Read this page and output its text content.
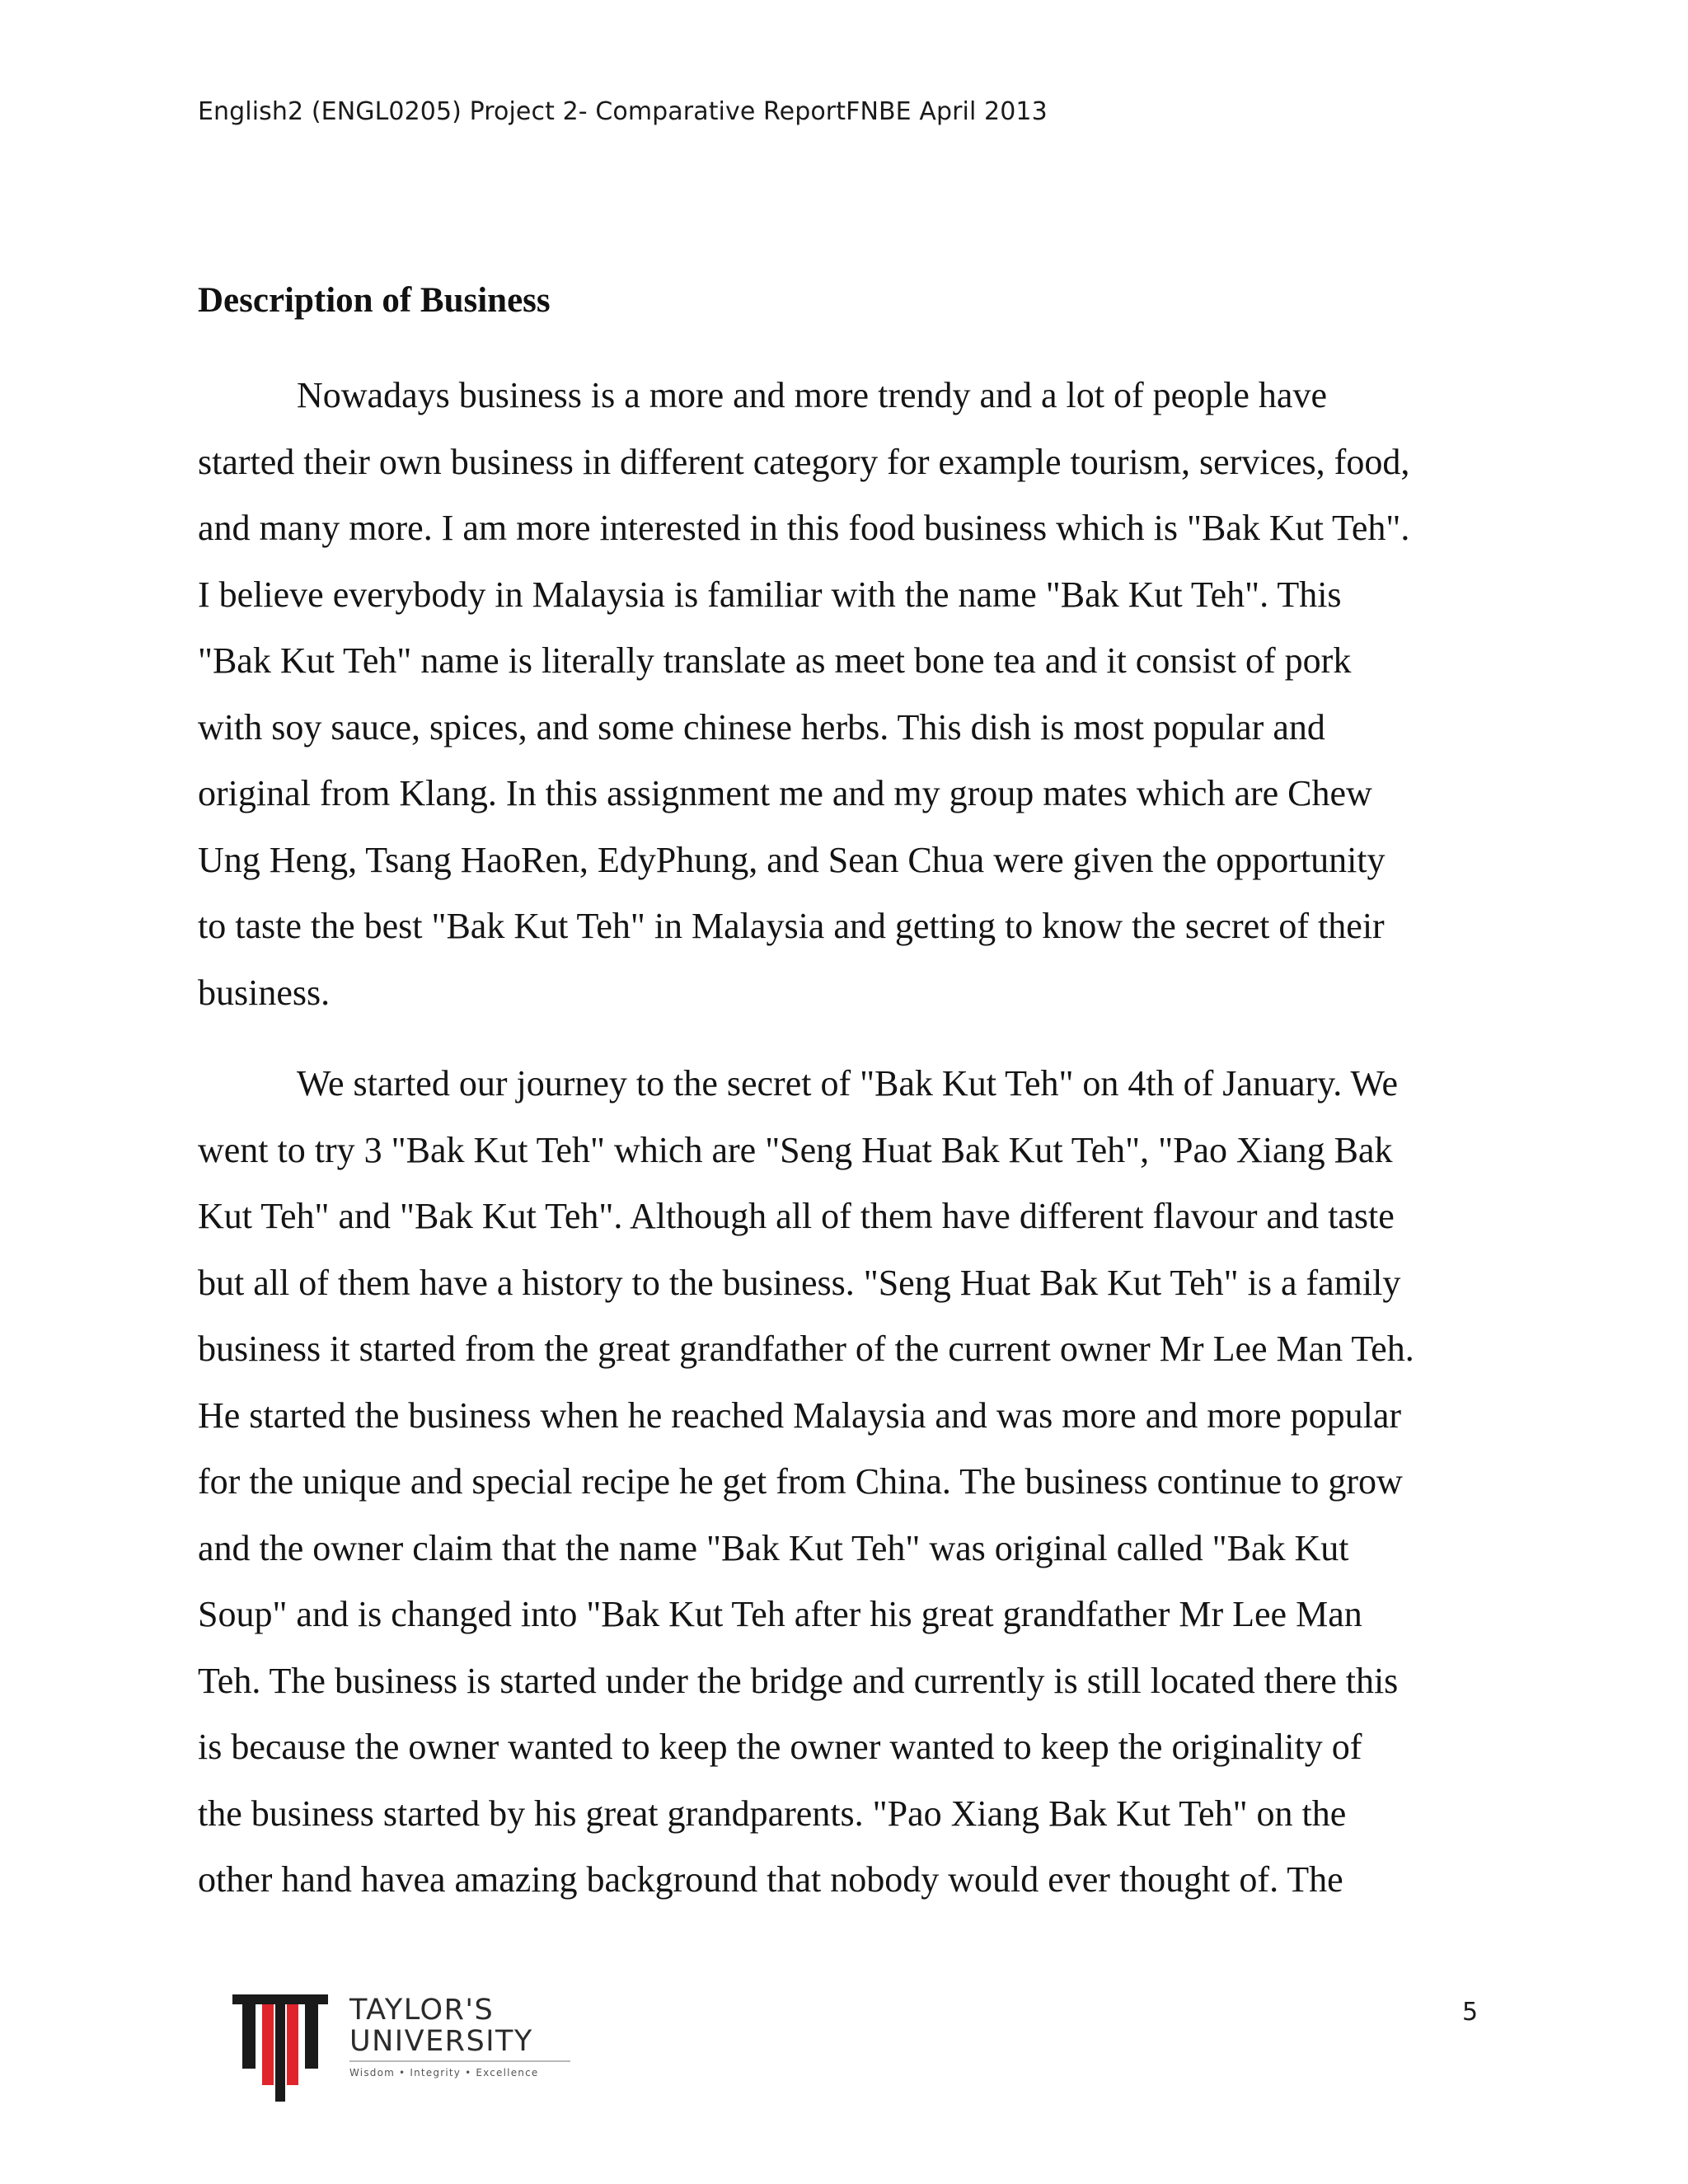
English2 (ENGL0205) Project 2- Comparative ReportFNBE April 2013
Description of Business
Nowadays business is a more and more trendy and a lot of people have
started their own business in different category for example tourism, services, food,
and many more. I am more interested in this food business which is "Bak Kut Teh".
I believe everybody in Malaysia is familiar with the name "Bak Kut Teh". This
"Bak Kut Teh" name is literally translate as meet bone tea and it consist of pork
with soy sauce, spices, and some chinese herbs. This dish is most popular and
original from Klang. In this assignment me and my group mates which are Chew
Ung Heng, Tsang HaoRen, EdyPhung, and Sean Chua were given the opportunity
to taste the best "Bak Kut Teh" in Malaysia and getting to know the secret of their
business.
We started our journey to the secret of "Bak Kut Teh" on 4th of January. We
went to try 3 "Bak Kut Teh" which are "Seng Huat Bak Kut Teh", "Pao Xiang Bak
Kut Teh" and "Bak Kut Teh". Although all of them have different flavour and taste
but all of them have a history to the business. "Seng Huat Bak Kut Teh" is a family
business it started from the great grandfather of the current owner Mr Lee Man Teh.
He started the business when he reached Malaysia and was more and more popular
for the unique and special recipe he get from China. The business continue to grow
and the owner claim that the name "Bak Kut Teh" was original called "Bak Kut
Soup" and is changed into "Bak Kut Teh after his great grandfather Mr Lee Man
Teh. The business is started under the bridge and currently is still located there this
is because the owner wanted to keep the owner wanted to keep the originality of
the business started by his great grandparents. "Pao Xiang Bak Kut Teh" on the
other hand havea amazing background that nobody would ever thought of. The
TAYLOR'S
UNIVERSITY
Wisdom • Integrity • Excellence
5
